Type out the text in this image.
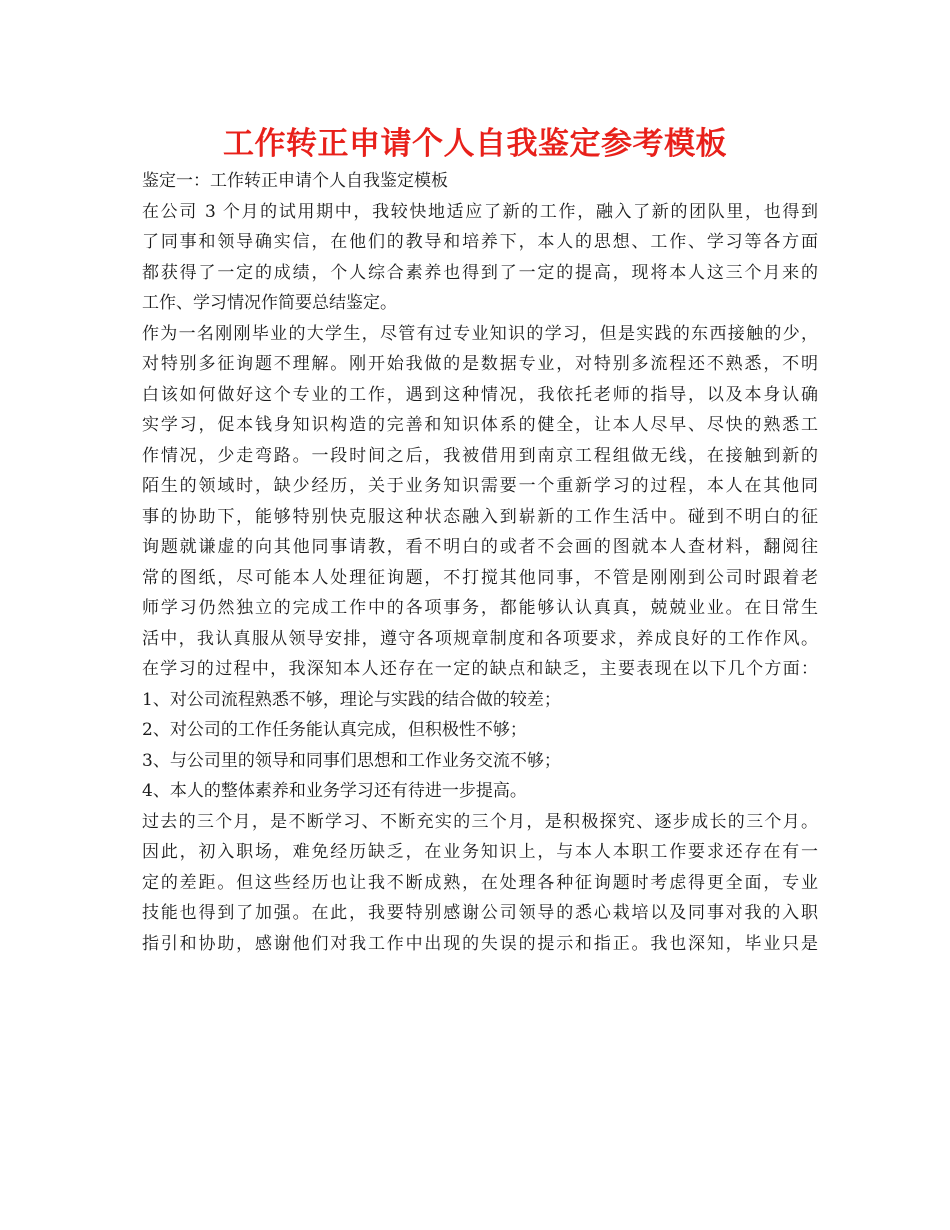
工作转正申请个人自我鉴定参考模板
鉴定一：工作转正申请个人自我鉴定模板
在公司 3 个月的试用期中，我较快地适应了新的工作，融入了新的团队里，也得到
了同事和领导确实信，在他们的教导和培养下，本人的思想、工作、学习等各方面
都获得了一定的成绩，个人综合素养也得到了一定的提高，现将本人这三个月来的
工作、学习情况作简要总结鉴定。
作为一名刚刚毕业的大学生，尽管有过专业知识的学习，但是实践的东西接触的少，
对特别多征询题不理解。刚开始我做的是数据专业，对特别多流程还不熟悉，不明
白该如何做好这个专业的工作，遇到这种情况，我依托老师的指导，以及本身认确
实学习，促本钱身知识构造的完善和知识体系的健全，让本人尽早、尽快的熟悉工
作情况，少走弯路。一段时间之后，我被借用到南京工程组做无线，在接触到新的
陌生的领域时，缺少经历，关于业务知识需要一个重新学习的过程，本人在其他同
事的协助下，能够特别快克服这种状态融入到崭新的工作生活中。碰到不明白的征
询题就谦虚的向其他同事请教，看不明白的或者不会画的图就本人查材料，翻阅往
常的图纸，尽可能本人处理征询题，不打搅其他同事，不管是刚刚到公司时跟着老
师学习仍然独立的完成工作中的各项事务，都能够认认真真，兢兢业业。在日常生
活中，我认真服从领导安排，遵守各项规章制度和各项要求，养成良好的工作作风。
在学习的过程中，我深知本人还存在一定的缺点和缺乏，主要表现在以下几个方面：
1、对公司流程熟悉不够，理论与实践的结合做的较差；
2、对公司的工作任务能认真完成，但积极性不够；
3、与公司里的领导和同事们思想和工作业务交流不够；
4、本人的整体素养和业务学习还有待进一步提高。
过去的三个月，是不断学习、不断充实的三个月，是积极探究、逐步成长的三个月。
因此，初入职场，难免经历缺乏，在业务知识上，与本人本职工作要求还存在有一
定的差距。但这些经历也让我不断成熟，在处理各种征询题时考虑得更全面，专业
技能也得到了加强。在此，我要特别感谢公司领导的悉心栽培以及同事对我的入职
指引和协助，感谢他们对我工作中出现的失误的提示和指正。我也深知，毕业只是
